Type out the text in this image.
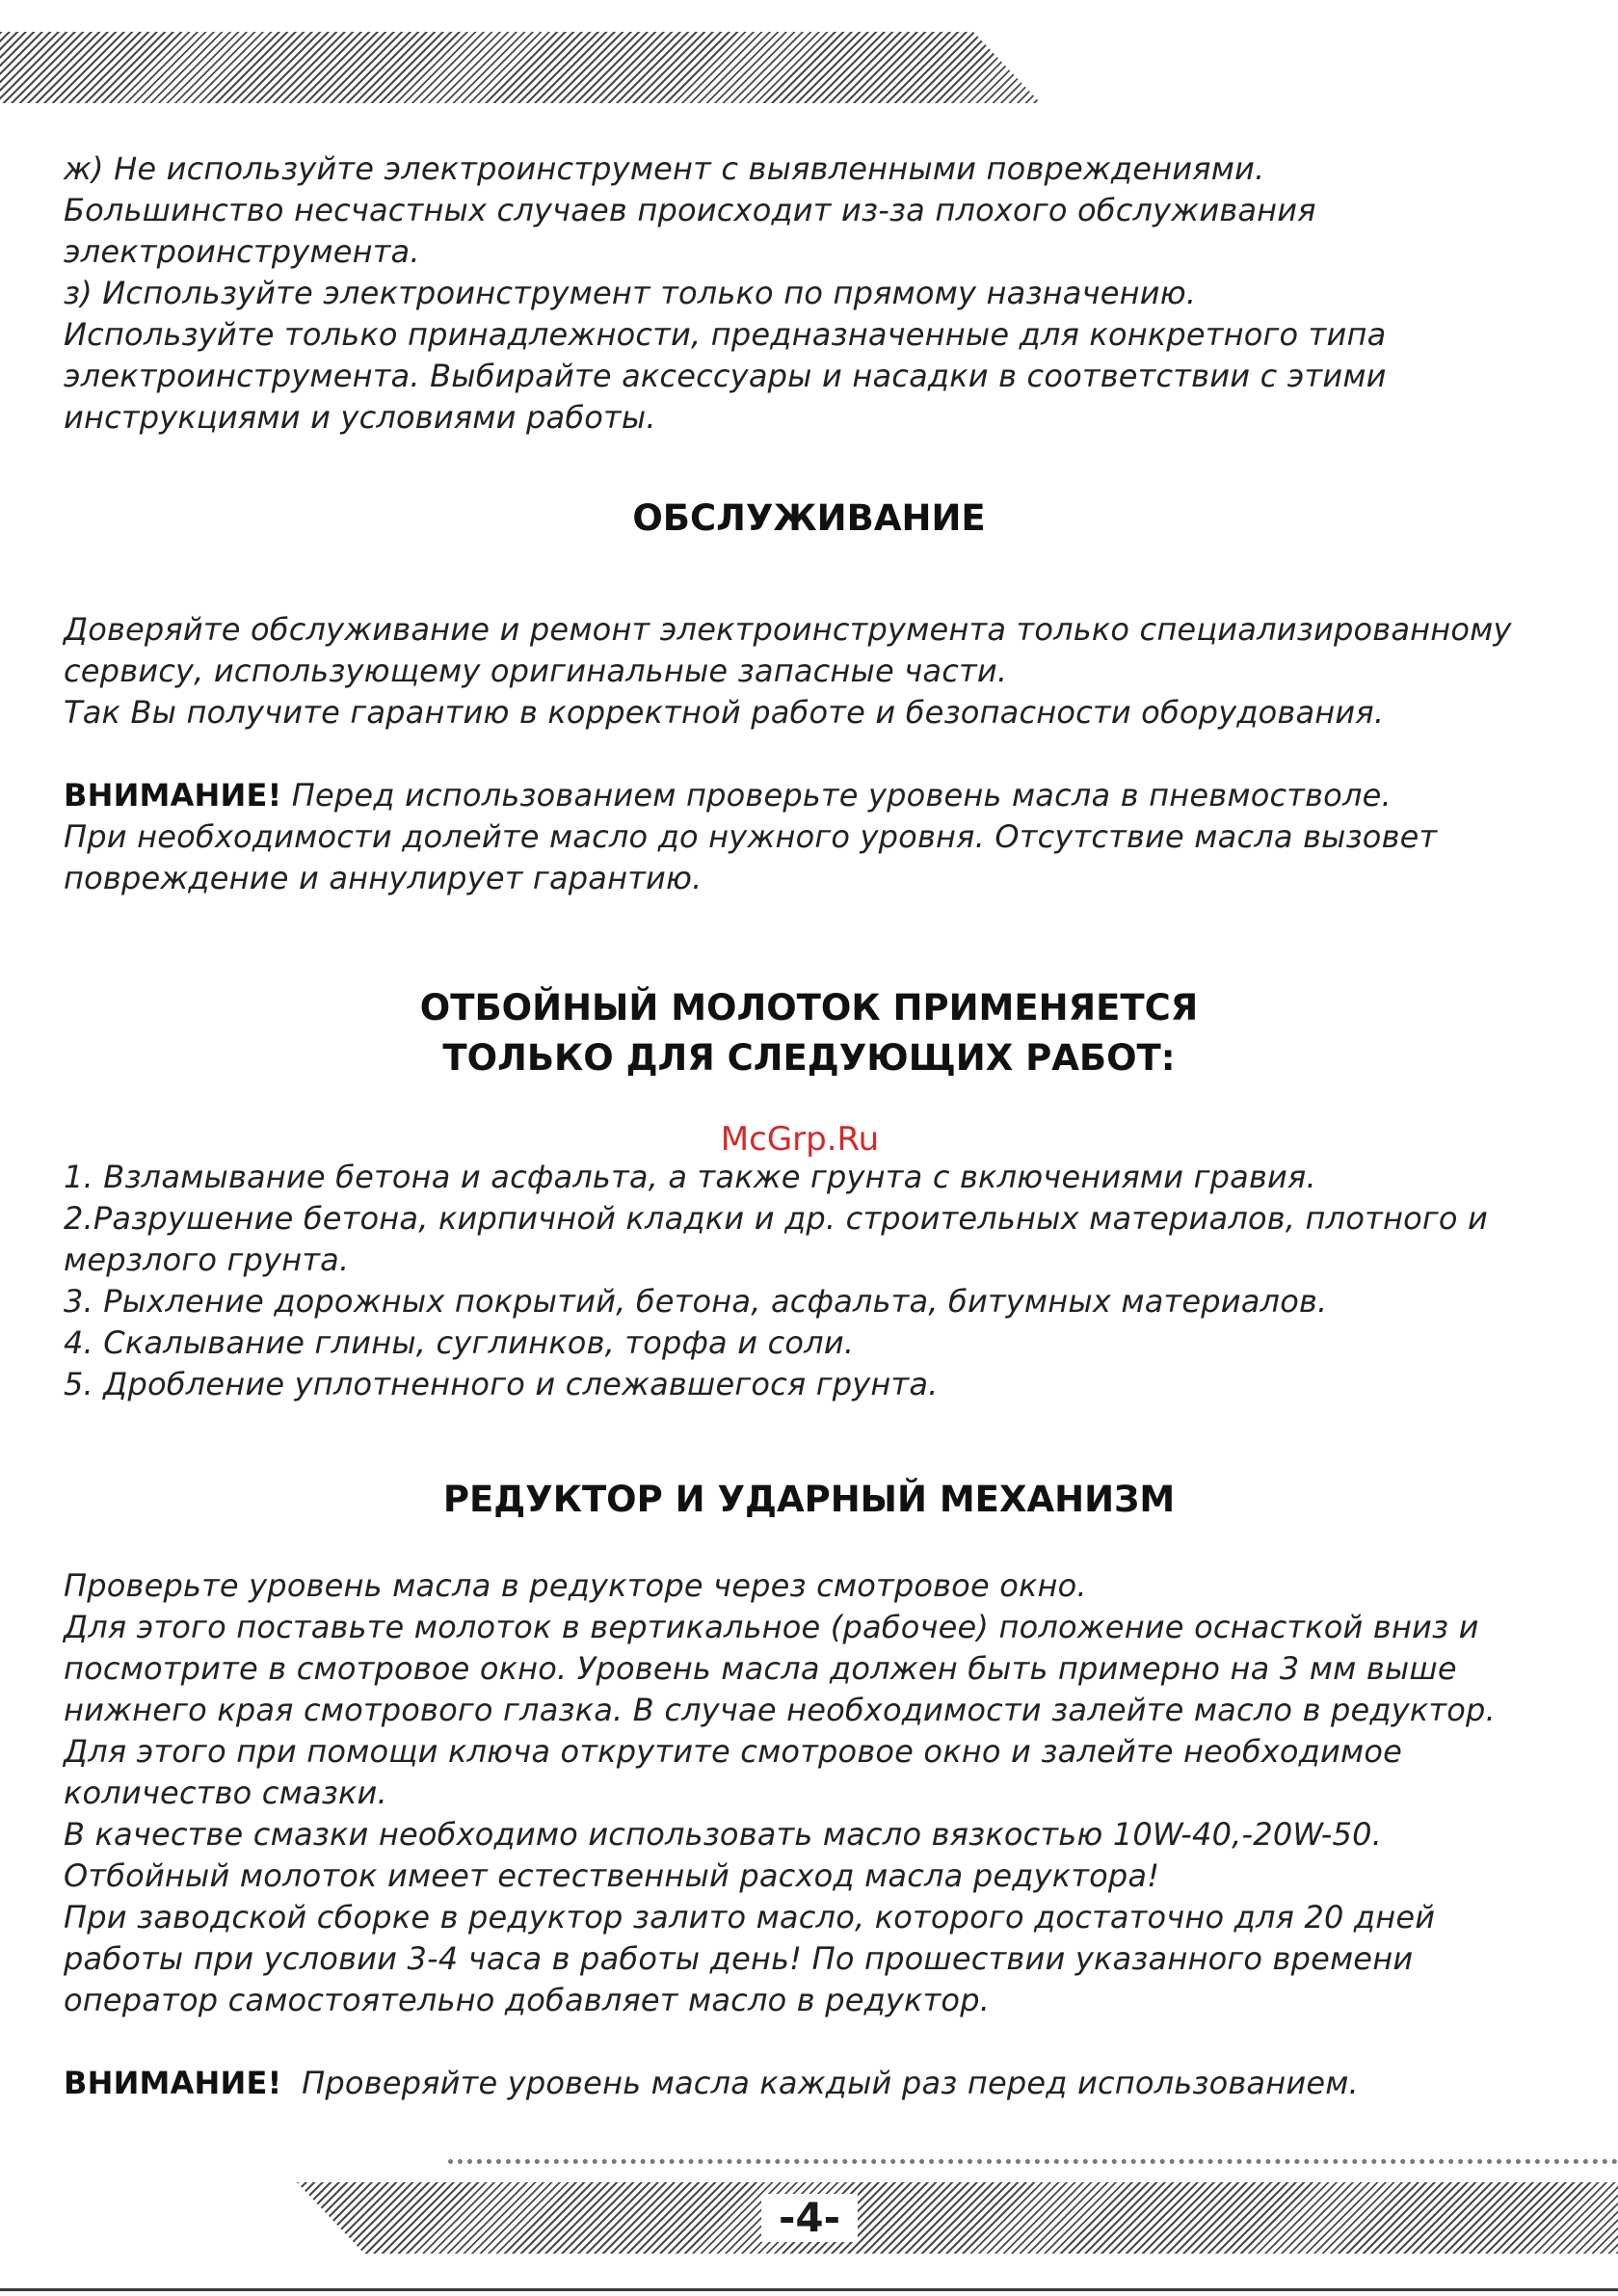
ж) Не используйте электроинструмент с выявленными повреждениями.
Большинство несчастных случаев происходит из-за плохого обслуживания
электроинструмента.
з) Используйте электроинструмент только по прямому назначению.
Используйте только принадлежности, предназначенные для конкретного типа
электроинструмента. Выбирайте аксессуары и насадки в соответствии с этими
инструкциями и условиями работы.
ОБСЛУЖИВАНИЕ
Доверяйте обслуживание и ремонт электроинструмента только специализированному
сервису, использующему оригинальные запасные части.
Так Вы получите гарантию в корректной работе и безопасности оборудования.
ВНИМАНИЕ! Перед использованием проверьте уровень масла в пневмостволе.
При необходимости долейте масло до нужного уровня. Отсутствие масла вызовет
повреждение и аннулирует гарантию.
ОТБОЙНЫЙ МОЛОТОК ПРИМЕНЯЕТСЯ
ТОЛЬКО ДЛЯ СЛЕДУЮЩИХ РАБОТ:
McGrp.Ru
1. Взламывание бетона и асфальта, а также грунта с включениями гравия.
2.Разрушение бетона, кирпичной кладки и др. строительных материалов, плотного и
мерзлого грунта.
3. Рыхление дорожных покрытий, бетона, асфальта, битумных материалов.
4. Скалывание глины, суглинков, торфа и соли.
5. Дробление уплотненного и слежавшегося грунта.
РЕДУКТОР И УДАРНЫЙ МЕХАНИЗМ
Проверьте уровень масла в редукторе через смотровое окно.
Для этого поставьте молоток в вертикальное (рабочее) положение оснасткой вниз и
посмотрите в смотровое окно. Уровень масла должен быть примерно на 3 мм выше
нижнего края смотрового глазка. В случае необходимости залейте масло в редуктор.
Для этого при помощи ключа открутите смотровое окно и залейте необходимое
количество смазки.
В качестве смазки необходимо использовать масло вязкостью 10W-40,-20W-50.
Отбойный молоток имеет естественный расход масла редуктора!
При заводской сборке в редуктор залито масло, которого достаточно для 20 дней
работы при условии 3-4 часа в работы день! По прошествии указанного времени
оператор самостоятельно добавляет масло в редуктор.
ВНИМАНИЕ! Проверяйте уровень масла каждый раз перед использованием.
-4-
